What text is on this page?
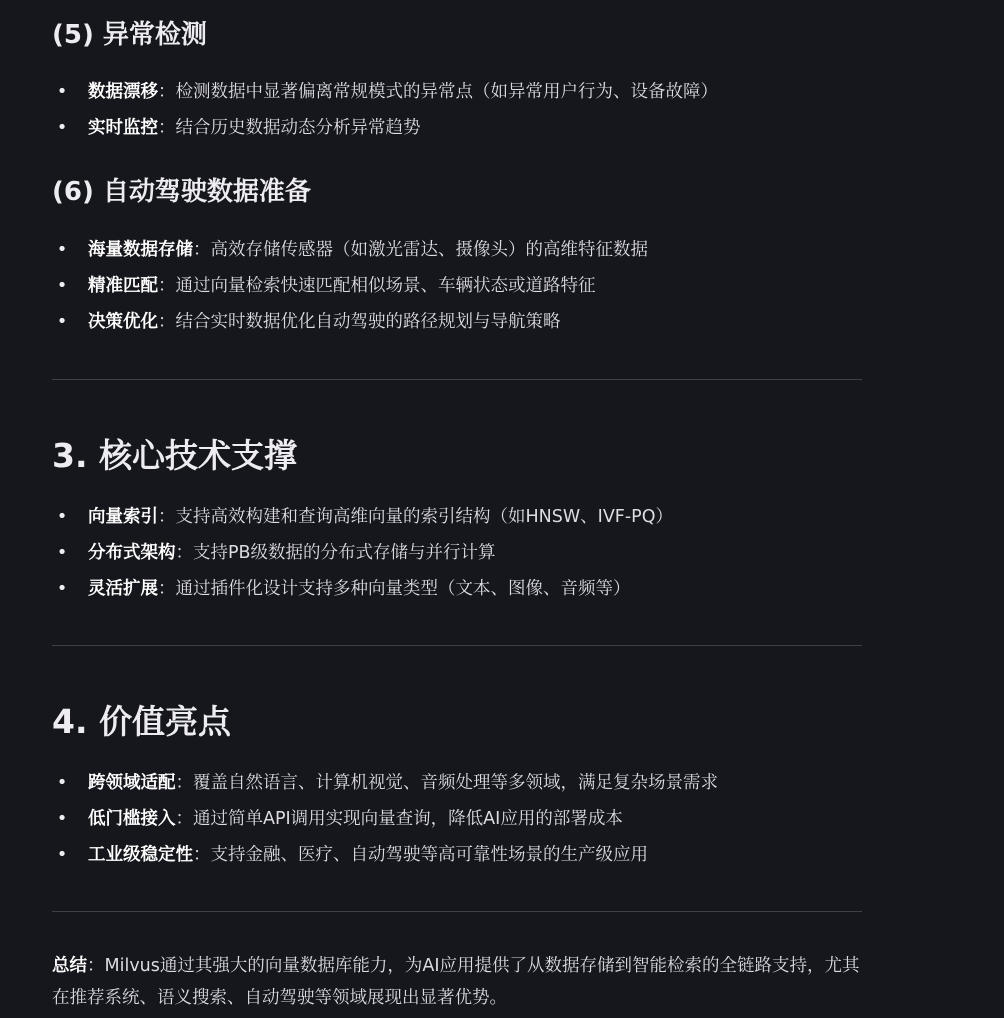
(5) 异常检测
• 数据漂移：检测数据中显著偏离常规模式的异常点（如异常用户行为、设备故障）
• 实时监控：结合历史数据动态分析异常趋势
(6) 自动驾驶数据准备
• 海量数据存储：高效存储传感器（如激光雷达、摄像头）的高维特征数据
• 精准匹配：通过向量检索快速匹配相似场景、车辆状态或道路特征
• 决策优化：结合实时数据优化自动驾驶的路径规划与导航策略
3. 核心技术支撑
• 向量索引：支持高效构建和查询高维向量的索引结构（如HNSW、IVF-PQ）
• 分布式架构：支持PB级数据的分布式存储与并行计算
• 灵活扩展：通过插件化设计支持多种向量类型（文本、图像、音频等）
4. 价值亮点
• 跨领域适配：覆盖自然语言、计算机视觉、音频处理等多领域，满足复杂场景需求
• 低门槛接入：通过简单API调用实现向量查询，降低AI应用的部署成本
• 工业级稳定性：支持金融、医疗、自动驾驶等高可靠性场景的生产级应用

总结：Milvus通过其强大的向量数据库能力，为AI应用提供了从数据存储到智能检索的全链路支持，尤其在推荐系统、语义搜索、自动驾驶等领域展现出显著优势。
